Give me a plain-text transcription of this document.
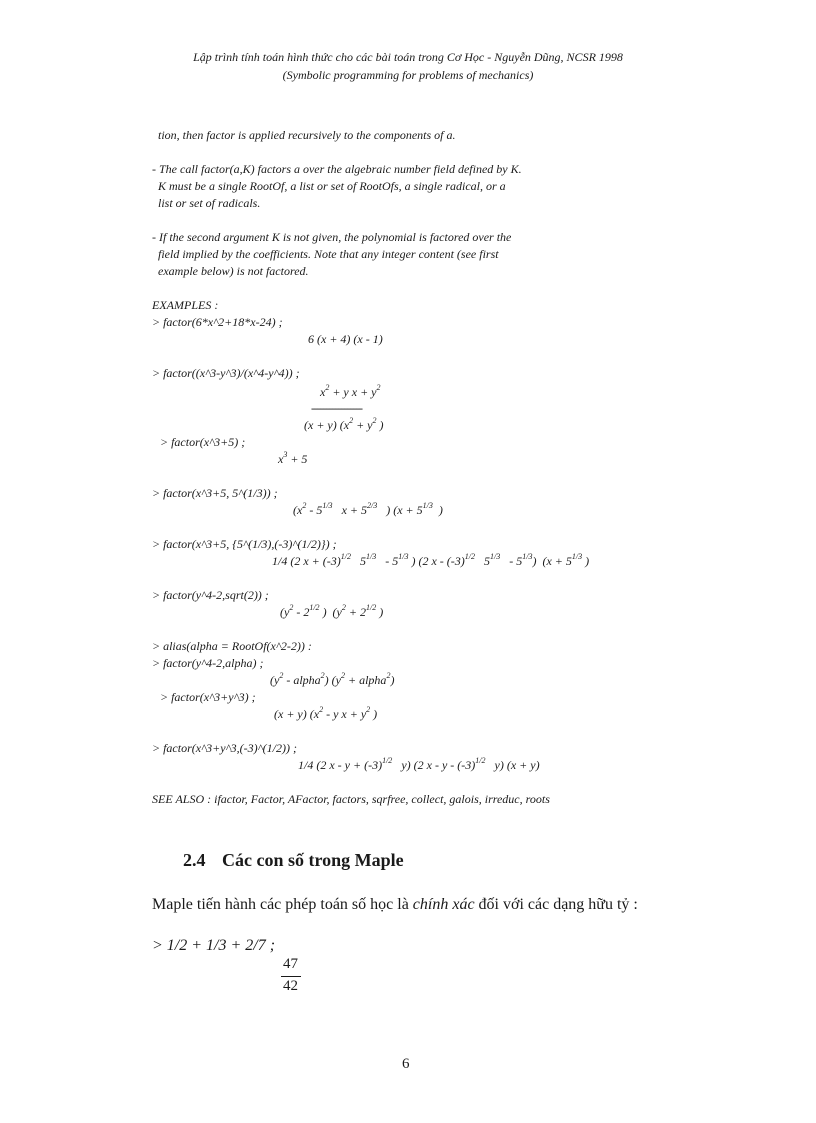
Lập trình tính toán hình thức cho các bài toán trong Cơ Học - Nguyễn Dũng, NCSR 1998
(Symbolic programming for problems of mechanics)
tion, then factor is applied recursively to the components of a.
- The call factor(a,K) factors a over the algebraic number field defined by K.
K must be a single RootOf, a list or set of RootOfs, a single radical, or a
list or set of radicals.
- If the second argument K is not given, the polynomial is factored over the
field implied by the coefficients. Note that any integer content (see first
example below) is not factored.
EXAMPLES :
> factor(6*x^2+18*x-24) ;
6 (x + 4) (x - 1)
> factor((x^3-y^3)/(x^4-y^4)) ;
$x^2 + y$ $x + y^2$
-----------------
(x + y) ($x^2 + y^2$ )
> factor(x^3+5) ;
$x^3 + 5$
> factor(x^3+5, 5^(1/3)) ;
($x^2 - 5^{1/3}$   $x + 5^{2/3}$   ) ($x + 5^{1/3}$  )
> factor(x^3+5, {5^(1/3),(-3)^(1/2)}) ;
1/4 (2 $x + (-3)^{1/2}$   $5^{1/3} - 5^{1/3}$ ) (2 x - $(-3)^{1/2}$   $5^{1/3} - 5^{1/3}$)  ($x + 5^{1/3}$ )
> factor(y^4-2,sqrt(2)) ;
($y^2 - 2^{1/2}$ )  ($y^2 + 2^{1/2}$ )
> alias(alpha = RootOf(x^2-2)) :
> factor(y^4-2,alpha) ;
($y^2$ - alpha$^2$) ($y^2$ + alpha$^2$)
> factor(x^3+y^3) ;
(x + y) ($x^2$ - y $x + y^2$ )
> factor(x^3+y^3,(-3)^(1/2)) ;
1/4 (2 $x - y + (-3)^{1/2}$   y) (2 x - y - $(-3)^{1/2}$   y) (x + y)
SEE ALSO : ifactor, Factor, AFactor, factors, sqrfree, collect, galois, irreduc, roots
2.4 Các con số trong Maple
Maple tiến hành các phép toán số học là chính xác đối với các dạng hữu tỷ :
> 1/2 + 1/3 + 2/7 ;
47
42
6
